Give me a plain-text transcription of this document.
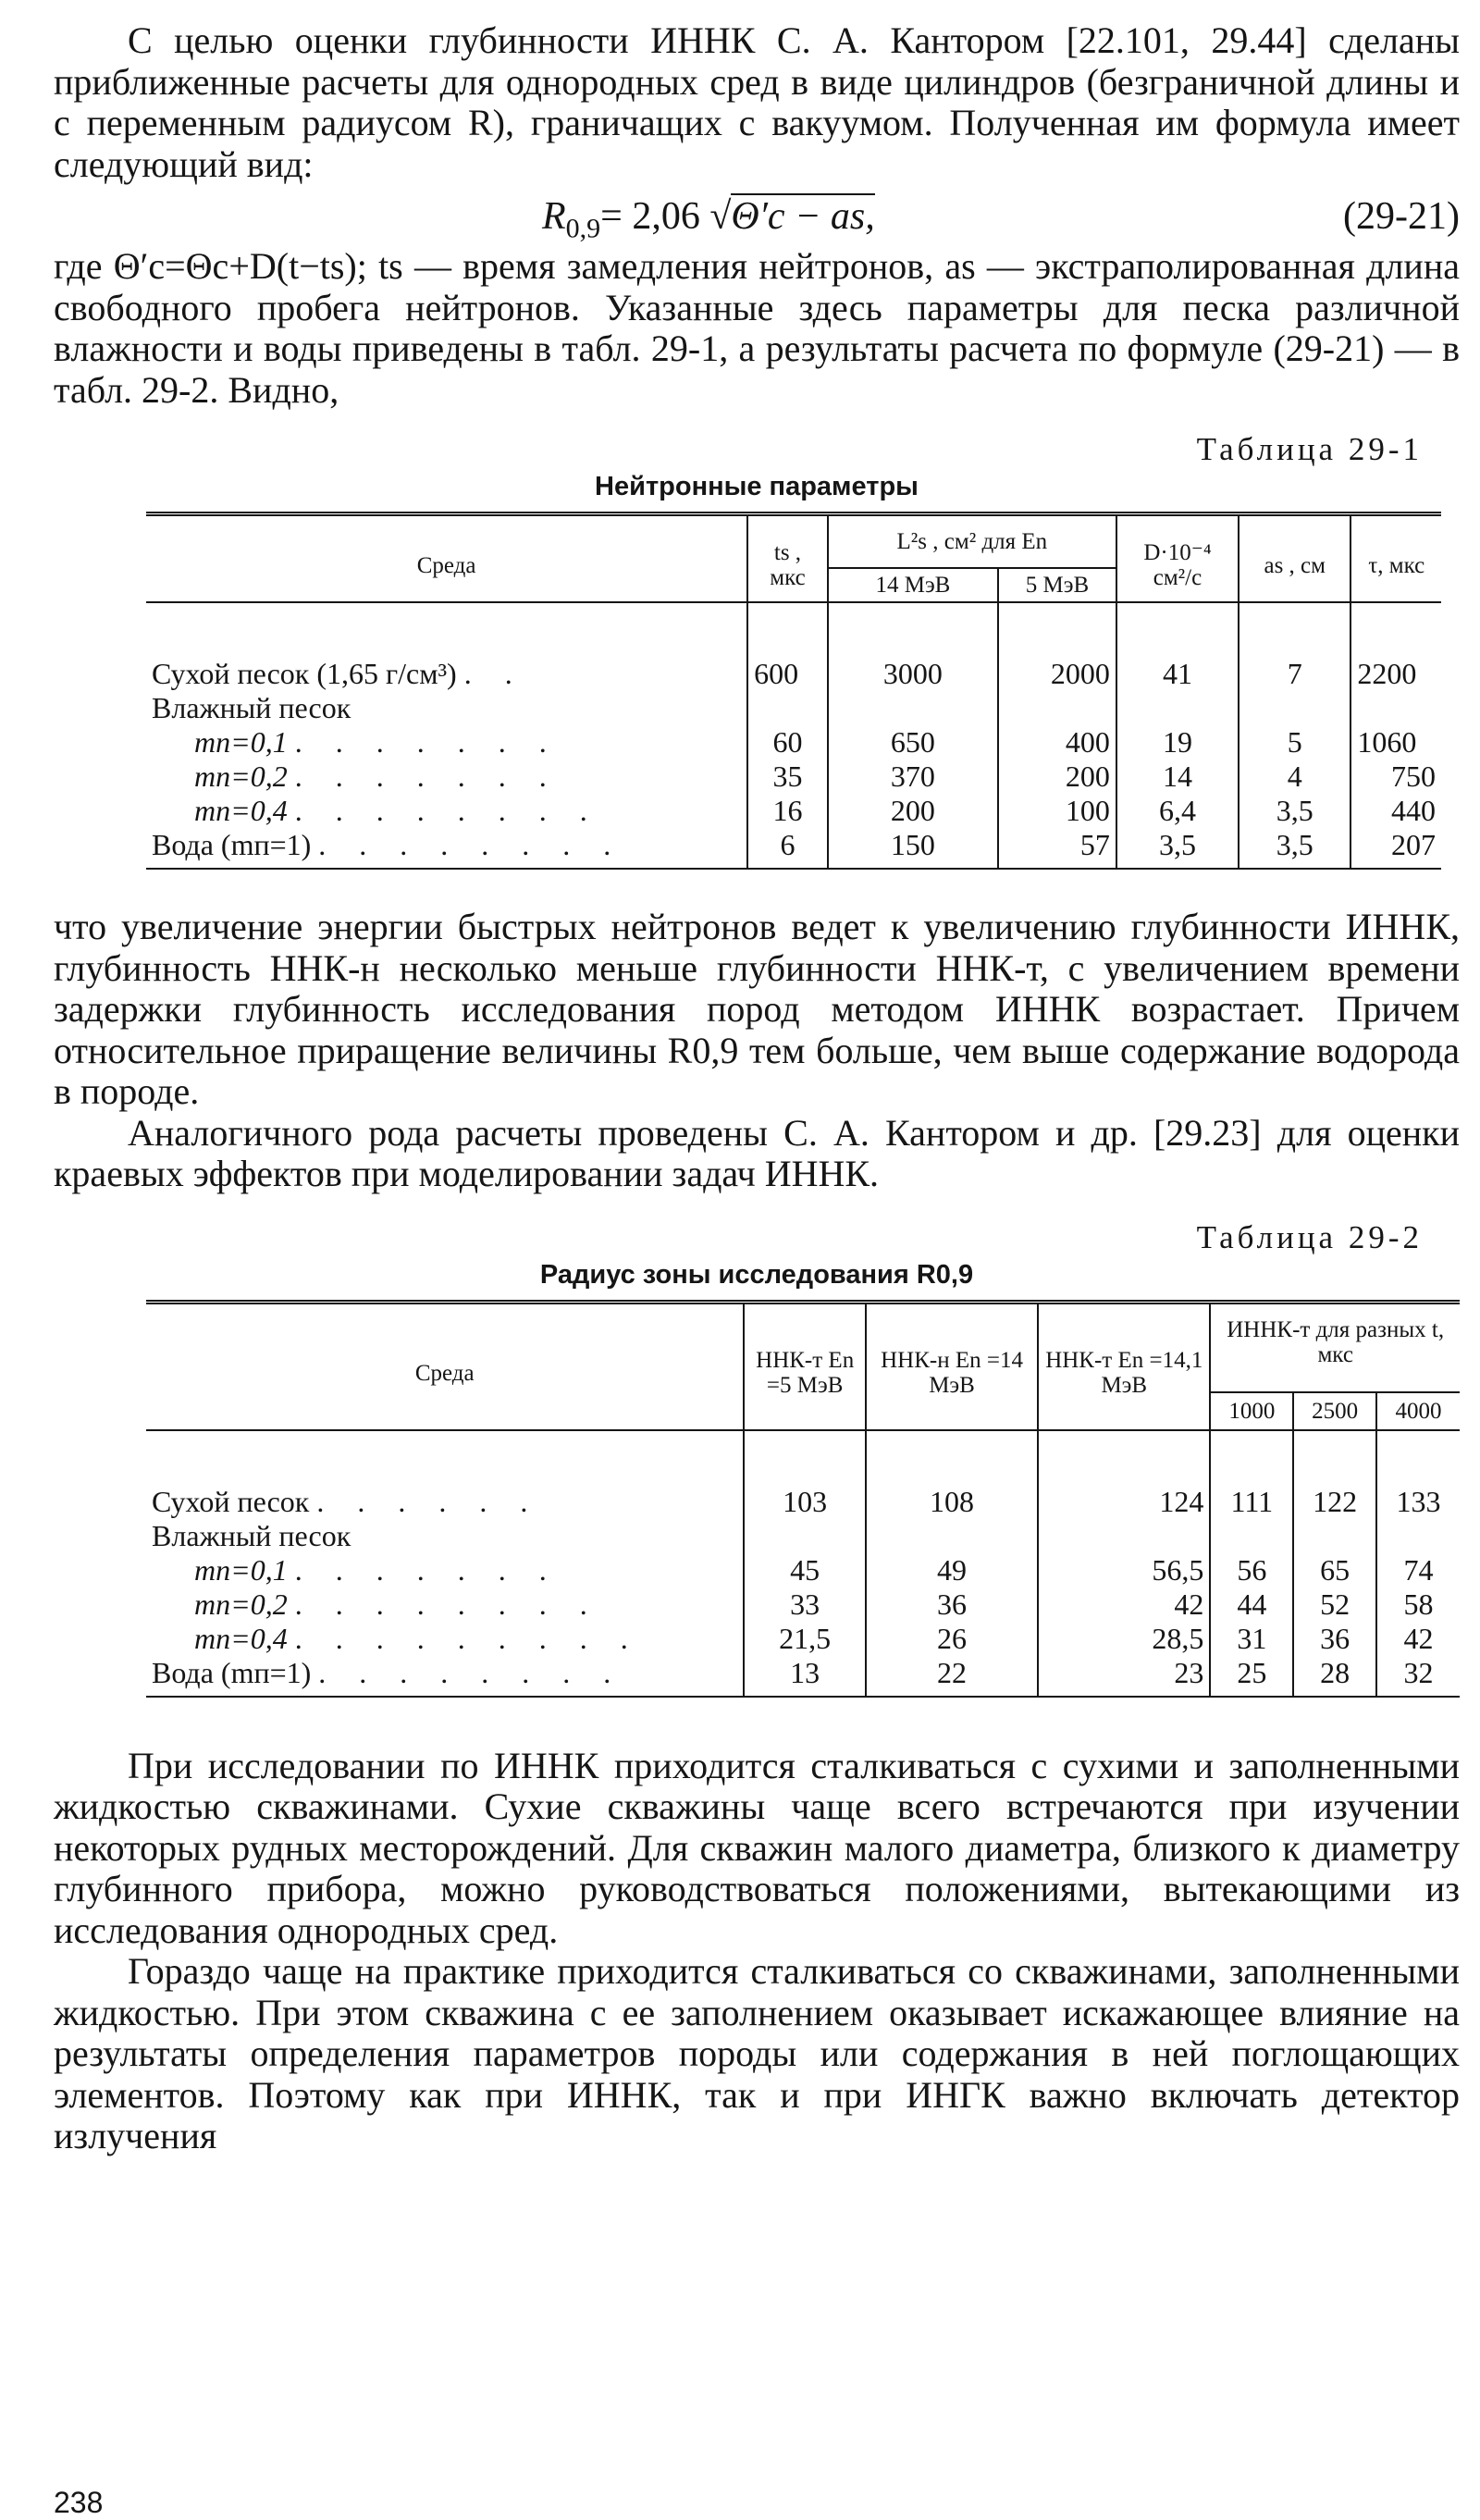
С целью оценки глубинности ИННК С. А. Кантором [22.101, 29.44] сделаны приближенные расчеты для однородных сред в виде цилиндров (безграничной длины и с переменным радиусом R), граничащих с вакуумом. Полученная им формула имеет следующий вид:

$R_{0,9}= 2,06$ √Θ′c − as,	(29-21)

где Θ′c=Θc+D(t−ts); ts — время замедления нейтронов, as — экстраполированная длина свободного пробега нейтронов. Указанные здесь параметры для песка различной влажности и воды приведены в табл. 29-1, а результаты расчета по формуле (29-21) — в табл. 29-2. Видно,

Таблица 29-1

Нейтронные параметры
Среда	ts , мкс	L²s , см² для En		D·10⁻⁴ см²/с	as , см	τ, мкс
		14 МэВ	5 МэВ			
Сухой песок (1,65 г/см³) . .	600	3000	2000	41	7	2200
Влажный песок						
mп=0,1 . . . . . . .	60	650	400	19	5	1060
mп=0,2 . . . . . . .	35	370	200	14	4	750
mп=0,4 . . . . . . . .	16	200	100	6,4	3,5	440
Вода (mп=1) . . . . . . . .	6	150	57	3,5	3,5	207

что увеличение энергии быстрых нейтронов ведет к увеличению глубинности ИННК, глубинность ННК-н несколько меньше глубинности ННК-т, с увеличением времени задержки глубинность исследования пород методом ИННК возрастает. Причем относительное приращение величины R0,9 тем больше, чем выше содержание водорода в породе.

Аналогичного рода расчеты проведены С. А. Кантором и др. [29.23] для оценки краевых эффектов при моделировании задач ИННК.

Таблица 29-2

Радиус зоны исследования R0,9
Среда	ННК-т En =5 МэВ	ННК-н En =14 МэВ	ННК-т En =14,1 МэВ	ИННК-т для разных t, мкс		
				1000	2500	4000
Сухой песок . . . . . .	103	108	124	111	122	133
Влажный песок						
mп=0,1 . . . . . . .	45	49	56,5	56	65	74
mп=0,2 . . . . . . . .	33	36	42	44	52	58
mп=0,4 . . . . . . . . .	21,5	26	28,5	31	36	42
Вода (mп=1) . . . . . . . .	13	22	23	25	28	32

При исследовании по ИННК приходится сталкиваться с сухими и заполненными жидкостью скважинами. Сухие скважины чаще всего встречаются при изучении некоторых рудных месторождений. Для скважин малого диаметра, близкого к диаметру глубинного прибора, можно руководствоваться положениями, вытекающими из исследования однородных сред.

Гораздо чаще на практике приходится сталкиваться со скважинами, заполненными жидкостью. При этом скважина с ее заполнением оказывает искажающее влияние на результаты определения параметров породы или содержания в ней поглощающих элементов. Поэтому как при ИННК, так и при ИНГК важно включать детектор излучения

238
